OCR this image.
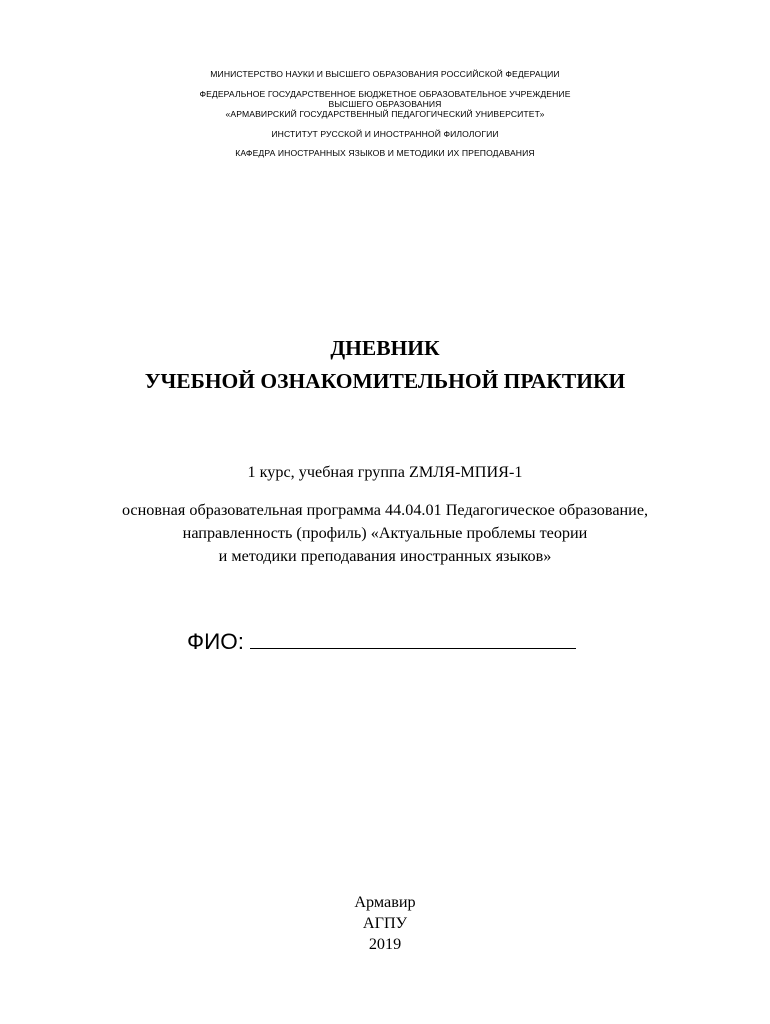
МИНИСТЕРСТВО НАУКИ И ВЫСШЕГО ОБРАЗОВАНИЯ РОССИЙСКОЙ ФЕДЕРАЦИИ
ФЕДЕРАЛЬНОЕ ГОСУДАРСТВЕННОЕ БЮДЖЕТНОЕ ОБРАЗОВАТЕЛЬНОЕ УЧРЕЖДЕНИЕ
ВЫСШЕГО ОБРАЗОВАНИЯ
«АРМАВИРСКИЙ ГОСУДАРСТВЕННЫЙ ПЕДАГОГИЧЕСКИЙ УНИВЕРСИТЕТ»
ИНСТИТУТ РУССКОЙ И ИНОСТРАННОЙ ФИЛОЛОГИИ
КАФЕДРА ИНОСТРАННЫХ ЯЗЫКОВ И МЕТОДИКИ ИХ ПРЕПОДАВАНИЯ
ДНЕВНИК
УЧЕБНОЙ ОЗНАКОМИТЕЛЬНОЙ ПРАКТИКИ
1 курс, учебная группа ZМЛЯ-МПИЯ-1
основная образовательная программа 44.04.01 Педагогическое образование,
направленность (профиль) «Актуальные проблемы теории
и методики преподавания иностранных языков»
ФИО:
Армавир
АГПУ
2019
